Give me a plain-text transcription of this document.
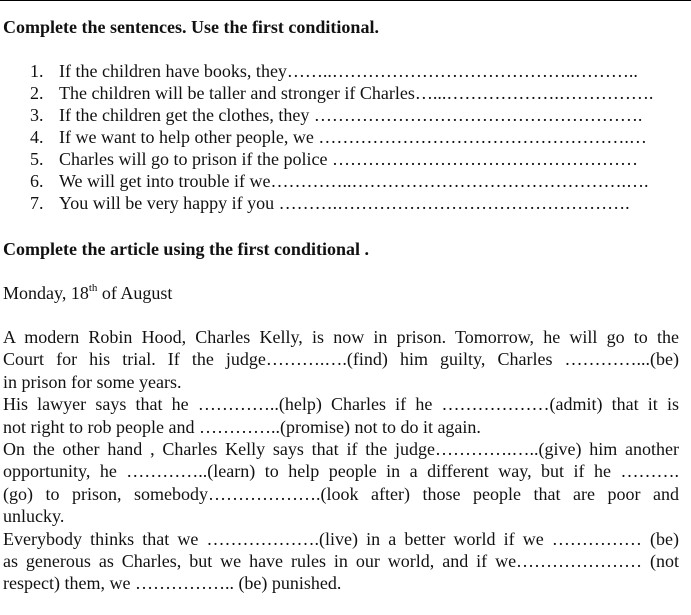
Complete the sentences. Use the first conditional.
1. If the children have books, they……..…………………………………..………..
2. The children will be taller and stronger if Charles…...……………….…………….
3. If the children get the clothes, they ……………………………………………….
4. If we want to help other people, we …………………………………………….…
5. Charles will go to prison if the police ……………………………………………
6. We will get into trouble if we…………..……………………………………….….
7. You will be very happy if you ……….………………………………………….
Complete the article using the first conditional .
Monday, 18th of August
A modern Robin Hood, Charles Kelly, is now in prison. Tomorrow, he will go to the
Court for his trial. If the judge……….….(find) him guilty, Charles …………...(be)
in prison for some years.
His lawyer says that he …………..(help) Charles if he ………………(admit) that it is
not right to rob people and …………..(promise) not to do it again.
On the other hand , Charles Kelly says that if the judge………….…..(give) him another
opportunity, he …………..(learn) to help people in a different way, but if he ……….
(go) to prison, somebody……………….(look after) those people that are poor and
unlucky.
Everybody thinks that we ……………….(live) in a better world if we …………… (be)
as generous as Charles, but we have rules in our world, and if we………………… (not
respect) them, we …………….. (be) punished.
